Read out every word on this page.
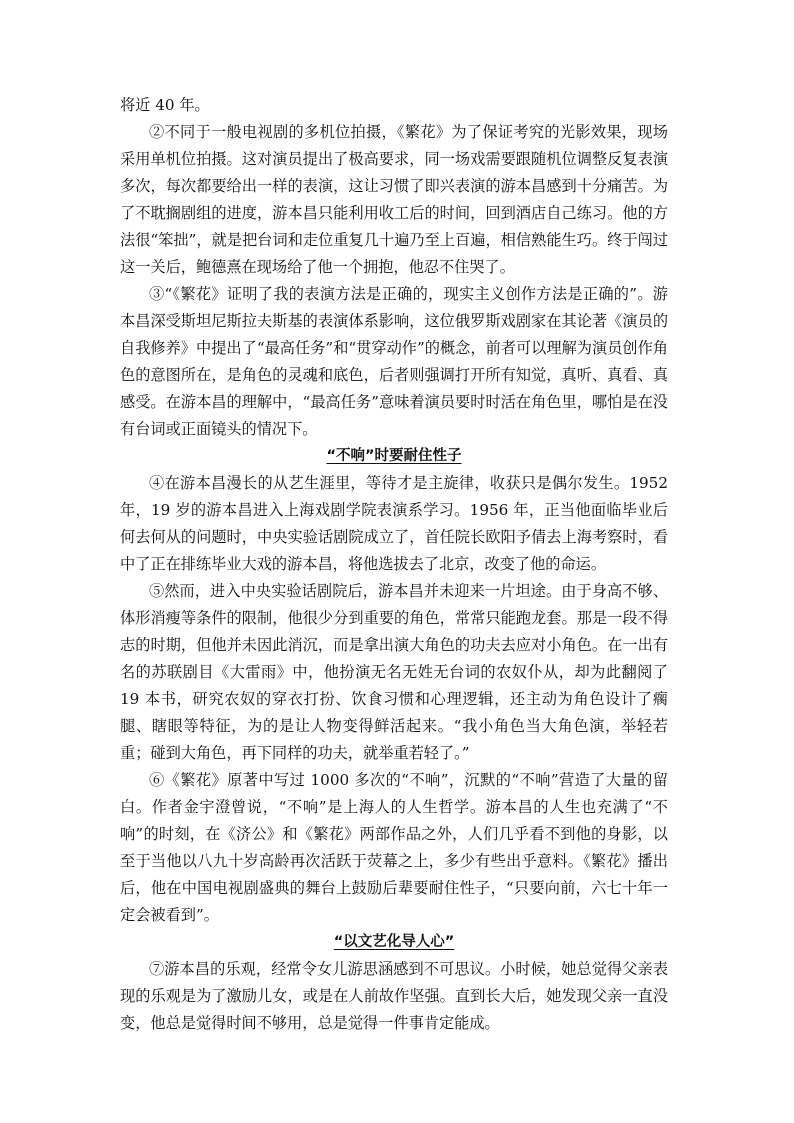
将近 40 年。

②不同于一般电视剧的多机位拍摄，《繁花》为了保证考究的光影效果，现场采用单机位拍摄。这对演员提出了极高要求，同一场戏需要跟随机位调整反复表演多次，每次都要给出一样的表演，这让习惯了即兴表演的游本昌感到十分痛苦。为了不耽搁剧组的进度，游本昌只能利用收工后的时间，回到酒店自己练习。他的方法很“笨拙”，就是把台词和走位重复几十遍乃至上百遍，相信熟能生巧。终于闯过这一关后，鲍德熹在现场给了他一个拥抱，他忍不住哭了。

③“《繁花》证明了我的表演方法是正确的，现实主义创作方法是正确的”。游本昌深受斯坦尼斯拉夫斯基的表演体系影响，这位俄罗斯戏剧家在其论著《演员的自我修养》中提出了“最高任务”和“贯穿动作”的概念，前者可以理解为演员创作角色的意图所在，是角色的灵魂和底色，后者则强调打开所有知觉，真听、真看、真感受。在游本昌的理解中，“最高任务”意味着演员要时时活在角色里，哪怕是在没有台词或正面镜头的情况下。

“不响”时要耐住性子

④在游本昌漫长的从艺生涯里，等待才是主旋律，收获只是偶尔发生。1952 年，19 岁的游本昌进入上海戏剧学院表演系学习。1956 年，正当他面临毕业后何去何从的问题时，中央实验话剧院成立了，首任院长欧阳予倩去上海考察时，看中了正在排练毕业大戏的游本昌，将他选拔去了北京，改变了他的命运。

⑤然而，进入中央实验话剧院后，游本昌并未迎来一片坦途。由于身高不够、体形消瘦等条件的限制，他很少分到重要的角色，常常只能跑龙套。那是一段不得志的时期，但他并未因此消沉，而是拿出演大角色的功夫去应对小角色。在一出有名的苏联剧目《大雷雨》中，他扮演无名无姓无台词的农奴仆从，却为此翻阅了 19 本书，研究农奴的穿衣打扮、饮食习惯和心理逻辑，还主动为角色设计了瘸腿、瞎眼等特征，为的是让人物变得鲜活起来。“我小角色当大角色演，举轻若重；碰到大角色，再下同样的功夫，就举重若轻了。”

⑥《繁花》原著中写过 1000 多次的“不响”，沉默的“不响”营造了大量的留白。作者金宇澄曾说，“不响”是上海人的人生哲学。游本昌的人生也充满了“不响”的时刻，在《济公》和《繁花》两部作品之外，人们几乎看不到他的身影，以至于当他以八九十岁高龄再次活跃于荧幕之上，多少有些出乎意料。《繁花》播出后，他在中国电视剧盛典的舞台上鼓励后辈要耐住性子，“只要向前，六七十年一定会被看到”。

“以文艺化导人心”

⑦游本昌的乐观，经常令女儿游思涵感到不可思议。小时候，她总觉得父亲表现的乐观是为了激励儿女，或是在人前故作坚强。直到长大后，她发现父亲一直没变，他总是觉得时间不够用，总是觉得一件事肯定能成。
